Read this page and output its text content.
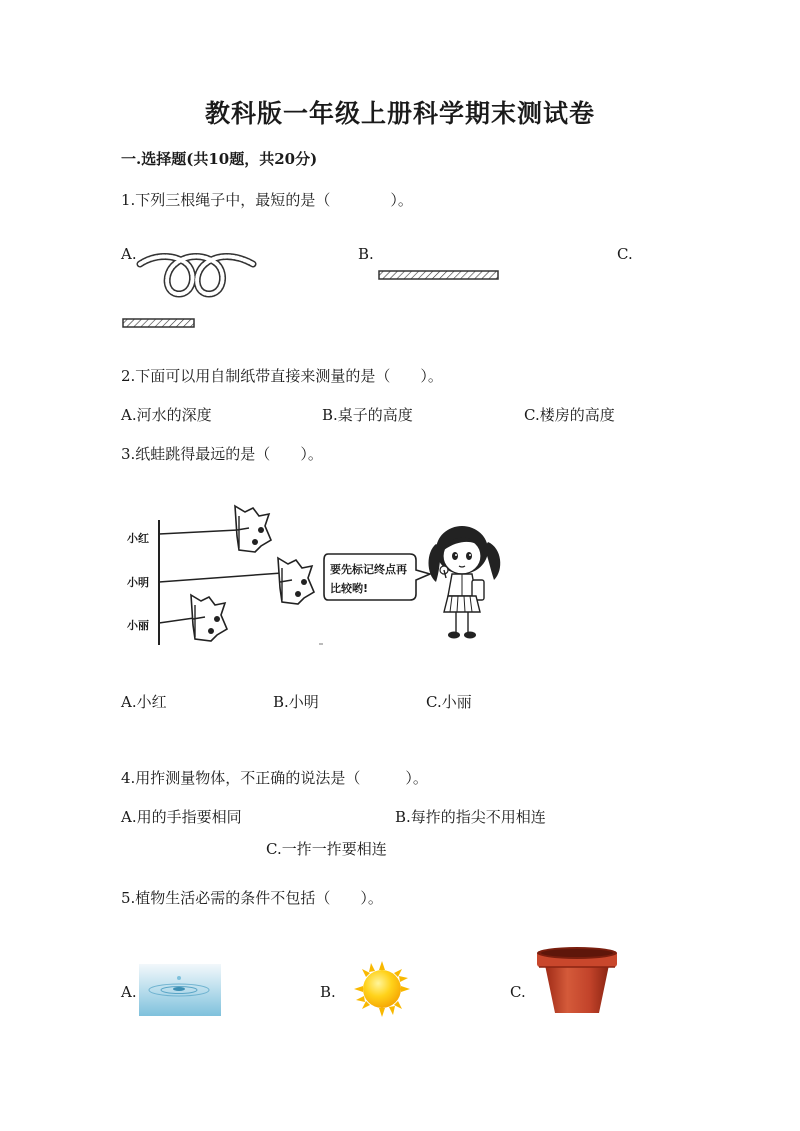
教科版一年级上册科学期末测试卷
一.选择题(共10题，共20分)
1.下列三根绳子中，最短的是（　　　　）。
A.	B.	C.
2.下面可以用自制纸带直接来测量的是（　　）。
A.河水的深度	B.桌子的高度	C.楼房的高度
3.纸蛙跳得最远的是（　　）。
小红
小明
小丽
要先标记终点再
比较哟!
A.小红	B.小明	C.小丽
4.用拃测量物体，不正确的说法是（　　　）。
A.用的手指要相同	B.每拃的指尖不用相连
C.一拃一拃要相连
5.植物生活必需的条件不包括（　　）。
A.	B.	C.
